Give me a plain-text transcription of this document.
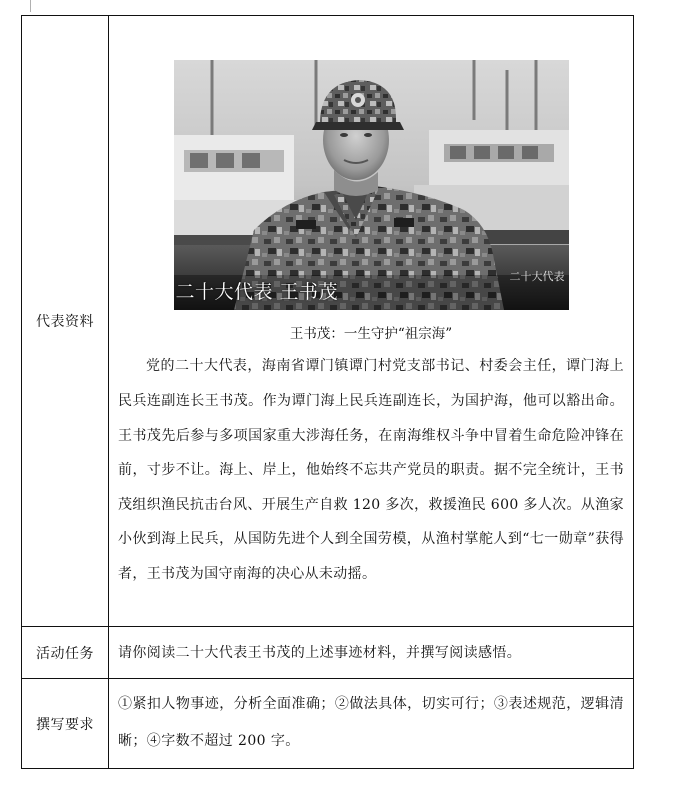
代表资料	二十大代表 王书茂
二十大代表
王书茂：一生守护“祖宗海”

党的二十大代表，海南省谭门镇谭门村党支部书记、村委会主任，谭门海上民兵连副连长王书茂。作为谭门海上民兵连副连长，为国护海，他可以豁出命。王书茂先后参与多项国家重大涉海任务，在南海维权斗争中冒着生命危险冲锋在前，寸步不让。海上、岸上，他始终不忘共产党员的职责。据不完全统计，王书茂组织渔民抗击台风、开展生产自救 120 多次，救援渔民 600 多人次。从渔家小伙到海上民兵，从国防先进个人到全国劳模，从渔村掌舵人到“七一勋章”获得者，王书茂为国守南海的决心从未动摇。

活动任务	请你阅读二十大代表王书茂的上述事迹材料，并撰写阅读感悟。

撰写要求	①紧扣人物事迹，分析全面准确；②做法具体，切实可行；③表述规范，逻辑清晰；④字数不超过 200 字。
